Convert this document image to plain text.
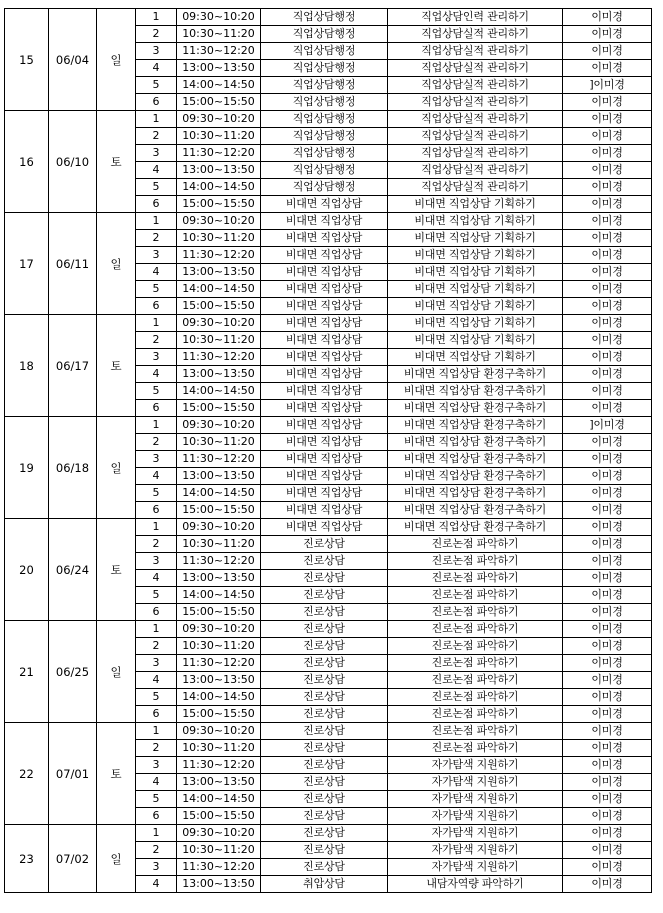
15	06/04	일	1	09:30~10:20	직업상담행정	직업상담인력 관리하기	이미경
			2	10:30~11:20	직업상담행정	직업상담실적 관리하기	이미경
			3	11:30~12:20	직업상담행정	직업상담실적 관리하기	이미경
			4	13:00~13:50	직업상담행정	직업상담실적 관리하기	이미경
			5	14:00~14:50	직업상담행정	직업상담실적 관리하기	]이미경
			6	15:00~15:50	직업상담행정	직업상담실적 관리하기	이미경
16	06/10	토	1	09:30~10:20	직업상담행정	직업상담실적 관리하기	이미경
			2	10:30~11:20	직업상담행정	직업상담실적 관리하기	이미경
			3	11:30~12:20	직업상담행정	직업상담실적 관리하기	이미경
			4	13:00~13:50	직업상담행정	직업상담실적 관리하기	이미경
			5	14:00~14:50	직업상담행정	직업상담실적 관리하기	이미경
			6	15:00~15:50	비대면 직업상담	비대면 직업상담 기획하기	이미경
17	06/11	일	1	09:30~10:20	비대면 직업상담	비대면 직업상담 기획하기	이미경
			2	10:30~11:20	비대면 직업상담	비대면 직업상담 기획하기	이미경
			3	11:30~12:20	비대면 직업상담	비대면 직업상담 기획하기	이미경
			4	13:00~13:50	비대면 직업상담	비대면 직업상담 기획하기	이미경
			5	14:00~14:50	비대면 직업상담	비대면 직업상담 기획하기	이미경
			6	15:00~15:50	비대면 직업상담	비대면 직업상담 기획하기	이미경
18	06/17	토	1	09:30~10:20	비대면 직업상담	비대면 직업상담 기획하기	이미경
			2	10:30~11:20	비대면 직업상담	비대면 직업상담 기획하기	이미경
			3	11:30~12:20	비대면 직업상담	비대면 직업상담 기획하기	이미경
			4	13:00~13:50	비대면 직업상담	비대면 직업상담 환경구축하기	이미경
			5	14:00~14:50	비대면 직업상담	비대면 직업상담 환경구축하기	이미경
			6	15:00~15:50	비대면 직업상담	비대면 직업상담 환경구축하기	이미경
19	06/18	일	1	09:30~10:20	비대면 직업상담	비대면 직업상담 환경구축하기	]이미경
			2	10:30~11:20	비대면 직업상담	비대면 직업상담 환경구축하기	이미경
			3	11:30~12:20	비대면 직업상담	비대면 직업상담 환경구축하기	이미경
			4	13:00~13:50	비대면 직업상담	비대면 직업상담 환경구축하기	이미경
			5	14:00~14:50	비대면 직업상담	비대면 직업상담 환경구축하기	이미경
			6	15:00~15:50	비대면 직업상담	비대면 직업상담 환경구축하기	이미경
20	06/24	토	1	09:30~10:20	비대면 직업상담	비대면 직업상담 환경구축하기	이미경
			2	10:30~11:20	진로상담	진로논점 파악하기	이미경
			3	11:30~12:20	진로상담	진로논점 파악하기	이미경
			4	13:00~13:50	진로상담	진로논점 파악하기	이미경
			5	14:00~14:50	진로상담	진로논점 파악하기	이미경
			6	15:00~15:50	진로상담	진로논점 파악하기	이미경
21	06/25	일	1	09:30~10:20	진로상담	진로논점 파악하기	이미경
			2	10:30~11:20	진로상담	진로논점 파악하기	이미경
			3	11:30~12:20	진로상담	진로논점 파악하기	이미경
			4	13:00~13:50	진로상담	진로논점 파악하기	이미경
			5	14:00~14:50	진로상담	진로논점 파악하기	이미경
			6	15:00~15:50	진로상담	진로논점 파악하기	이미경
22	07/01	토	1	09:30~10:20	진로상담	진로논점 파악하기	이미경
			2	10:30~11:20	진로상담	진로논점 파악하기	이미경
			3	11:30~12:20	진로상담	자가탐색 지원하기	이미경
			4	13:00~13:50	진로상담	자가탐색 지원하기	이미경
			5	14:00~14:50	진로상담	자가탐색 지원하기	이미경
			6	15:00~15:50	진로상담	자가탐색 지원하기	이미경
23	07/02	일	1	09:30~10:20	진로상담	자가탐색 지원하기	이미경
			2	10:30~11:20	진로상담	자가탐색 지원하기	이미경
			3	11:30~12:20	진로상담	자가탐색 지원하기	이미경
			4	13:00~13:50	취압상담	내담자역량 파악하기	이미경
